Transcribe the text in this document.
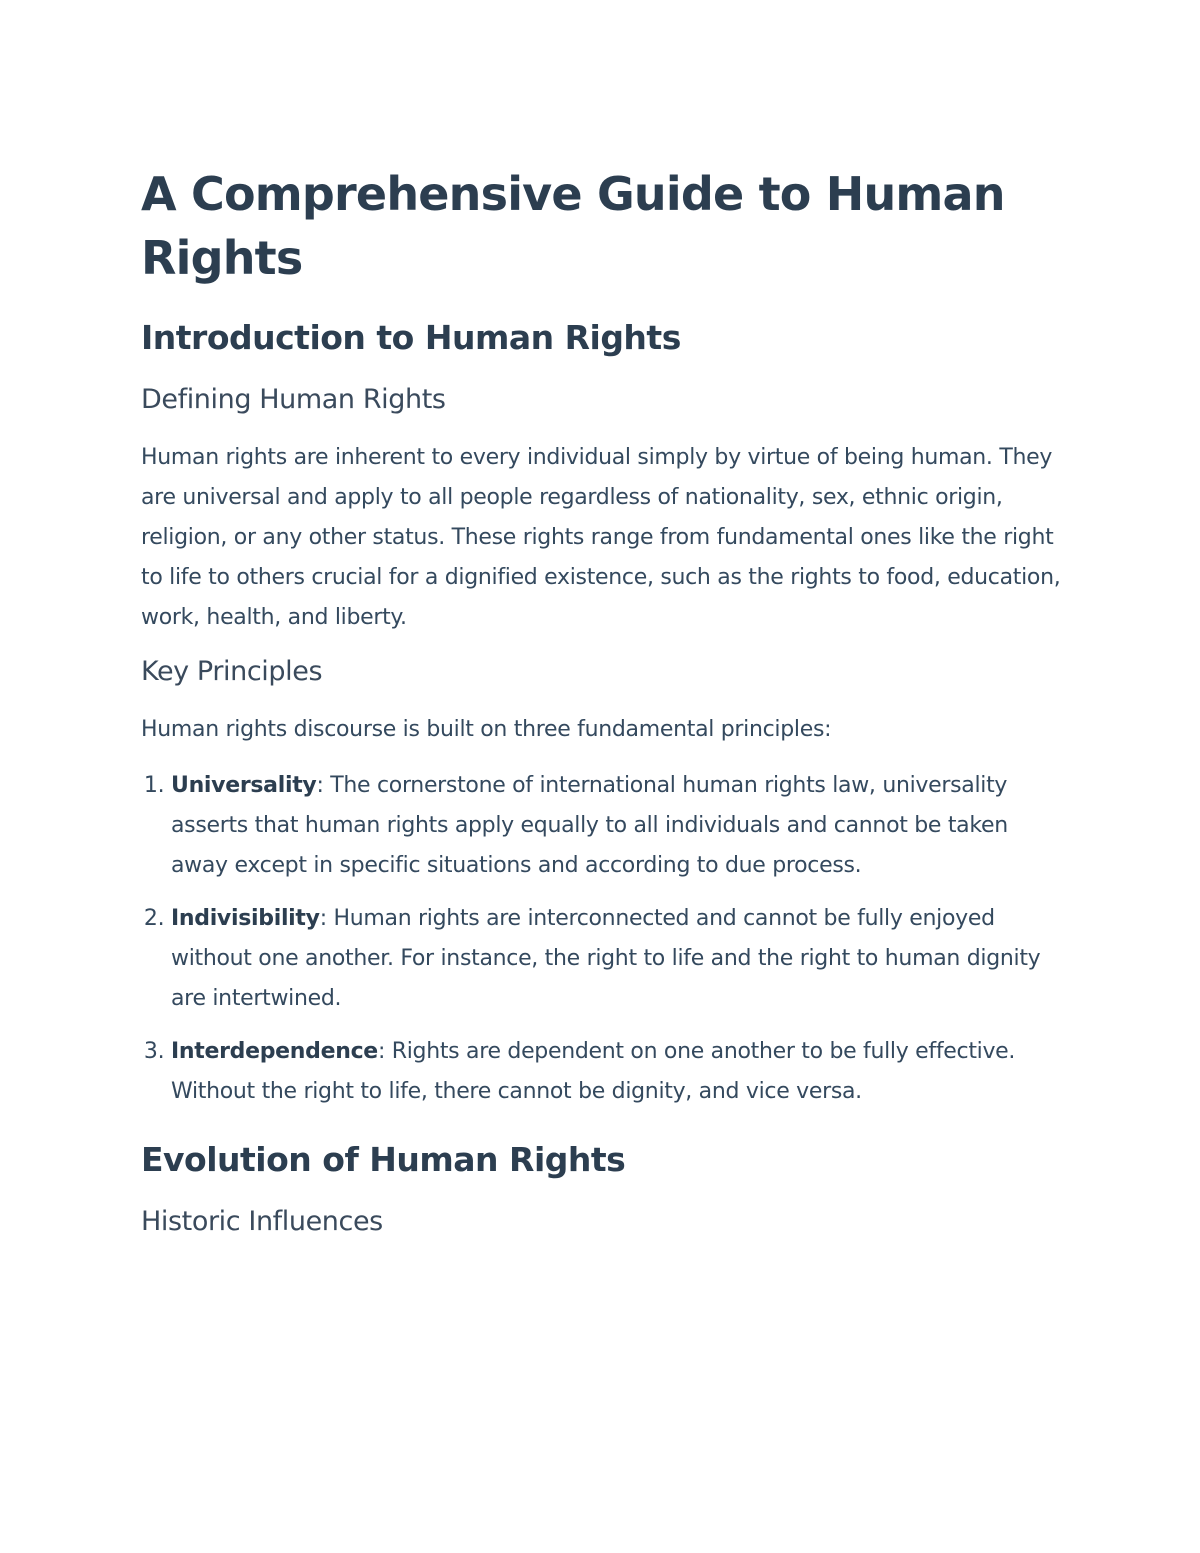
A Comprehensive Guide to Human Rights
Introduction to Human Rights
Defining Human Rights

Human rights are inherent to every individual simply by virtue of being human. They are universal and apply to all people regardless of nationality, sex, ethnic origin, religion, or any other status. These rights range from fundamental ones like the right to life to others crucial for a dignified existence, such as the rights to food, education, work, health, and liberty.

Key Principles

Human rights discourse is built on three fundamental principles:

1. Universality: The cornerstone of international human rights law, universality asserts that human rights apply equally to all individuals and cannot be taken away except in specific situations and according to due process.
2. Indivisibility: Human rights are interconnected and cannot be fully enjoyed without one another. For instance, the right to life and the right to human dignity are intertwined.
3. Interdependence: Rights are dependent on one another to be fully effective. Without the right to life, there cannot be dignity, and vice versa.
Evolution of Human Rights
Historic Influences
